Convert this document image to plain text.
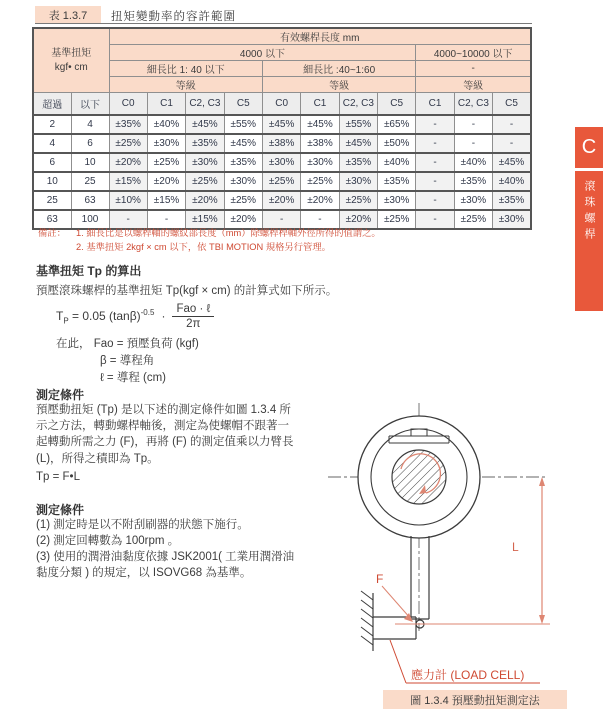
表 1.3.7	扭矩變動率的容許範圍
基準扭矩
kgf• cm		有效螺桿長度 mm										
		4000 以下								4000~10000 以下		
		細長比 1: 40 以下				細長比 :40~1:60				-		
		等級				等級				等級		
超過	以下	C0	C1	C2, C3	C5	C0	C1	C2, C3	C5	C1	C2, C3	C5
2	4	±35%	±40%	±45%	±55%	±45%	±45%	±55%	±65%	-	-	-
4	6	±25%	±30%	±35%	±45%	±38%	±38%	±45%	±50%	-	-	-
6	10	±20%	±25%	±30%	±35%	±30%	±30%	±35%	±40%	-	±40%	±45%
10	25	±15%	±20%	±25%	±30%	±25%	±25%	±30%	±35%	-	±35%	±40%
25	63	±10%	±15%	±20%	±25%	±20%	±20%	±25%	±30%	-	±30%	±35%
63	100	-	-	±15%	±20%	-	-	±20%	±25%	-	±25%	±30%
備註：	1. 細長比是以螺桿軸的螺紋部長度（mm）除螺桿桿軸外徑所得的值謂之。
2. 基準扭矩 2kgf × cm 以下，依 TBI MOTION 規格另行管理。
基準扭矩 Tp 的算出
預壓滾珠螺桿的基準扭矩 Tp(kgf × cm) 的計算式如下所示。
$T_P = 0.05$ $(\tan\beta)^{-0.5} \cdot \frac{\text{Fao · ℓ}}{2\pi}$
在此， Fao = 預壓負荷 (kgf)
β = 導程角
ℓ = 導程 (cm)
測定條件
預壓動扭矩 (Tp) 是以下述的測定條件如圖 1.3.4 所示之方法，轉動螺桿軸後，測定為使螺帽不跟著一起轉動所需之力 (F)，再將 (F) 的測定值乘以力臂長 (L)，所得之積即為 Tp。
Tp = F•L
測定條件
(1) 測定時是以不附刮刷器的狀態下施行。
(2) 測定回轉數為 100rpm 。
(3) 使用的潤滑油黏度依據 JSK2001( 工業用潤滑油黏度分類 ) 的規定，以 ISOVG68 為基準。
L
F
應力計 (LOAD CELL)
圖 1.3.4 預壓動扭矩測定法
C
滾珠螺桿
